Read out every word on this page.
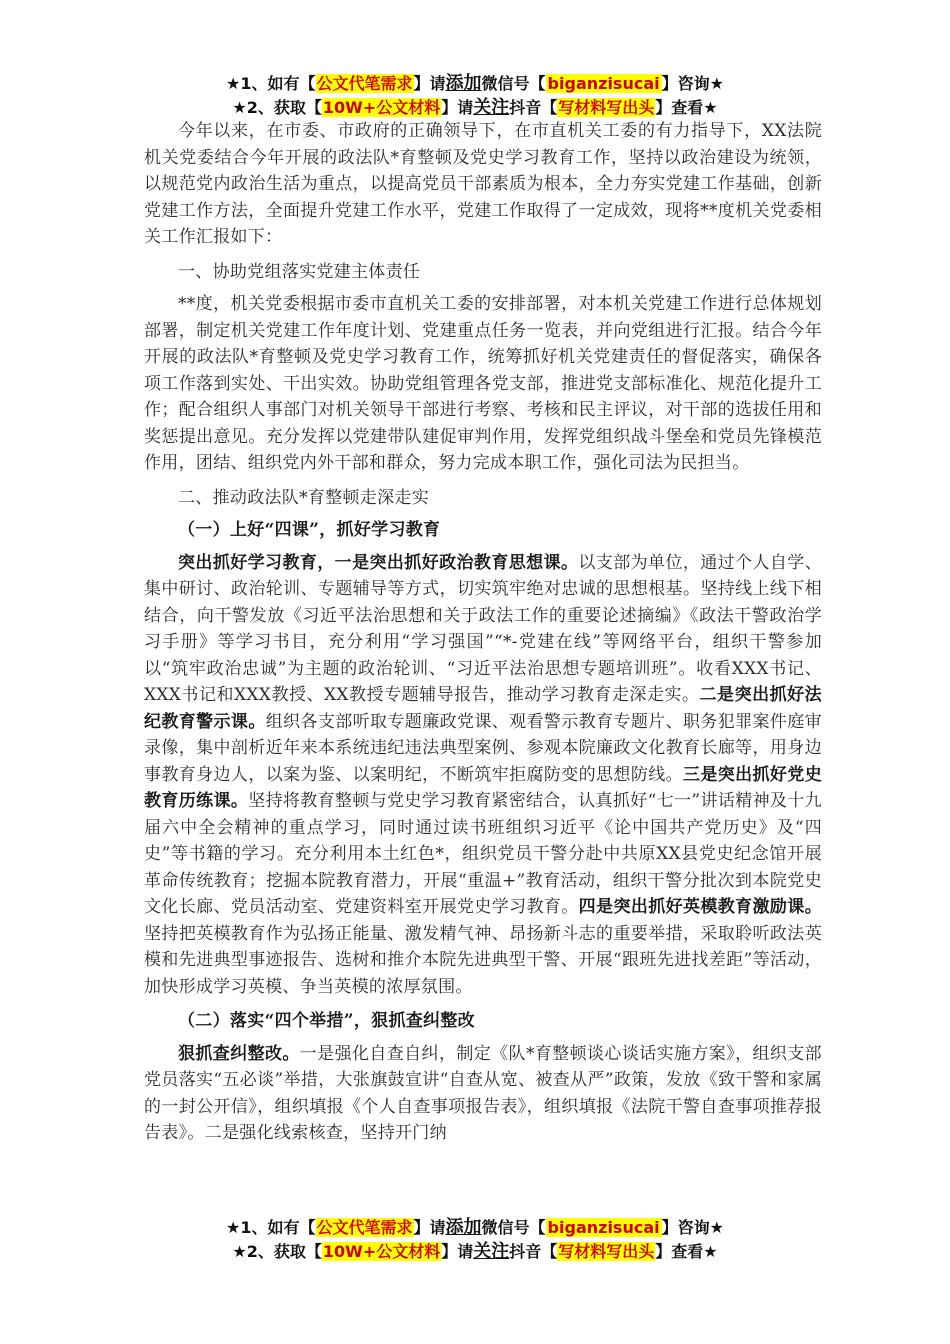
★1、如有【公文代笔需求】请添加微信号【 biganzisucai 】咨询★
★2、获取【10W+公文材料】请关注抖音【写材料写出头】查看★

今年以来，在市委、市政府的正确领导下，在市直机关工委的有力指导下，XX法院机关党委结合今年开展的政法队*育整顿及党史学习教育工作，坚持以政治建设为统领，以规范党内政治生活为重点，以提高党员干部素质为根本，全力夯实党建工作基础，创新党建工作方法，全面提升党建工作水平，党建工作取得了一定成效，现将**度机关党委相关工作汇报如下：

一、协助党组落实党建主体责任

**度，机关党委根据市委市直机关工委的安排部署，对本机关党建工作进行总体规划部署，制定机关党建工作年度计划、党建重点任务一览表，并向党组进行汇报。结合今年开展的政法队*育整顿及党史学习教育工作，统筹抓好机关党建责任的督促落实，确保各项工作落到实处、干出实效。协助党组管理各党支部，推进党支部标准化、规范化提升工作；配合组织人事部门对机关领导干部进行考察、考核和民主评议，对干部的选拔任用和奖惩提出意见。充分发挥以党建带队建促审判作用，发挥党组织战斗堡垒和党员先锋模范作用，团结、组织党内外干部和群众，努力完成本职工作，强化司法为民担当。

二、推动政法队*育整顿走深走实

（一）上好“四课”，抓好学习教育

突出抓好学习教育，一是突出抓好政治教育思想课。以支部为单位，通过个人自学、集中研讨、政治轮训、专题辅导等方式，切实筑牢绝对忠诚的思想根基。坚持线上线下相结合，向干警发放《习近平法治思想和关于政法工作的重要论述摘编》《政法干警政治学习手册》等学习书目，充分利用“学习强国”“*-党建在线”等网络平台，组织干警参加以“筑牢政治忠诚”为主题的政治轮训、“习近平法治思想专题培训班”。收看XXX书记、XXX书记和XXX教授、XX教授专题辅导报告，推动学习教育走深走实。二是突出抓好法纪教育警示课。组织各支部听取专题廉政党课、观看警示教育专题片、职务犯罪案件庭审录像，集中剖析近年来本系统违纪违法典型案例、参观本院廉政文化教育长廊等，用身边事教育身边人，以案为鉴、以案明纪，不断筑牢拒腐防变的思想防线。三是突出抓好党史教育历练课。坚持将教育整顿与党史学习教育紧密结合，认真抓好“七一”讲话精神及十九届六中全会精神的重点学习，同时通过读书班组织习近平《论中国共产党历史》及“四史”等书籍的学习。充分利用本土红色*，组织党员干警分赴中共原XX县党史纪念馆开展革命传统教育；挖掘本院教育潜力，开展“重温+”教育活动，组织干警分批次到本院党史文化长廊、党员活动室、党建资料室开展党史学习教育。四是突出抓好英模教育激励课。坚持把英模教育作为弘扬正能量、激发精气神、昂扬新斗志的重要举措，采取聆听政法英模和先进典型事迹报告、选树和推介本院先进典型干警、开展“跟班先进找差距”等活动，加快形成学习英模、争当英模的浓厚氛围。

（二）落实“四个举措”，狠抓查纠整改

狠抓查纠整改。一是强化自查自纠，制定《队*育整顿谈心谈话实施方案》，组织支部党员落实“五必谈”举措，大张旗鼓宣讲“自查从宽、被查从严”政策，发放《致干警和家属的一封公开信》，组织填报《个人自查事项报告表》，组织填报《法院干警自查事项推荐报告表》。二是强化线索核查，坚持开门纳

★1、如有【公文代笔需求】请添加微信号【 biganzisucai 】咨询★
★2、获取【10W+公文材料】请关注抖音【写材料写出头】查看★
